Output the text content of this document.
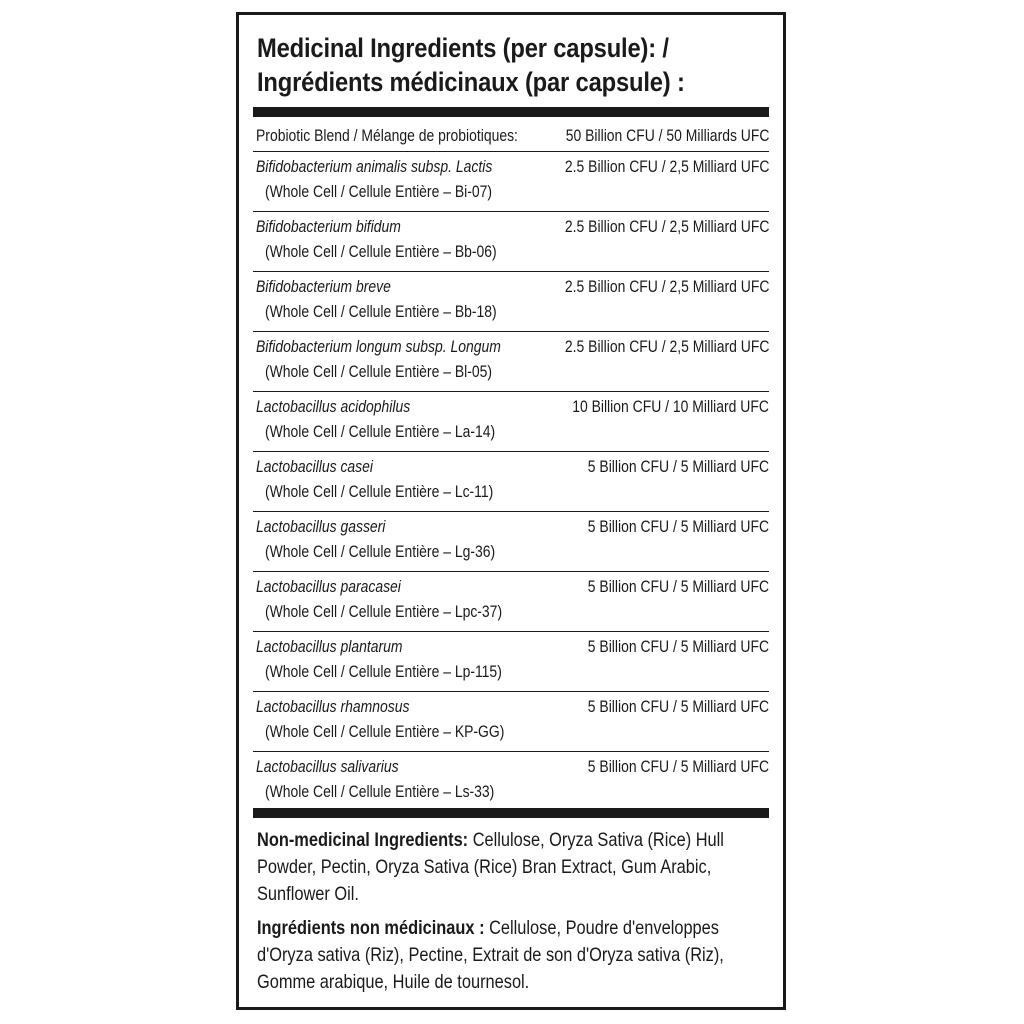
Medicinal Ingredients (per capsule): /
Ingrédients médicinaux (par capsule) :
Probiotic Blend / Mélange de probiotiques:	50 Billion CFU / 50 Milliards UFC
Bifidobacterium animalis subsp. Lactis
(Whole Cell / Cellule Entière – Bi-07)
2.5 Billion CFU / 2,5 Milliard UFC
Bifidobacterium bifidum
(Whole Cell / Cellule Entière – Bb-06)
2.5 Billion CFU / 2,5 Milliard UFC
Bifidobacterium breve
(Whole Cell / Cellule Entière – Bb-18)
2.5 Billion CFU / 2,5 Milliard UFC
Bifidobacterium longum subsp. Longum
(Whole Cell / Cellule Entière – Bl-05)
2.5 Billion CFU / 2,5 Milliard UFC
Lactobacillus acidophilus
(Whole Cell / Cellule Entière – La-14)
10 Billion CFU / 10 Milliard UFC
Lactobacillus casei
(Whole Cell / Cellule Entière – Lc-11)
5 Billion CFU / 5 Milliard UFC
Lactobacillus gasseri
(Whole Cell / Cellule Entière – Lg-36)
5 Billion CFU / 5 Milliard UFC
Lactobacillus paracasei
(Whole Cell / Cellule Entière – Lpc-37)
5 Billion CFU / 5 Milliard UFC
Lactobacillus plantarum
(Whole Cell / Cellule Entière – Lp-115)
5 Billion CFU / 5 Milliard UFC
Lactobacillus rhamnosus
(Whole Cell / Cellule Entière – KP-GG)
5 Billion CFU / 5 Milliard UFC
Lactobacillus salivarius
(Whole Cell / Cellule Entière – Ls-33)
5 Billion CFU / 5 Milliard UFC

Non-medicinal Ingredients: Cellulose, Oryza Sativa (Rice) Hull Powder, Pectin, Oryza Sativa (Rice) Bran Extract, Gum Arabic, Sunflower Oil.

Ingrédients non médicinaux : Cellulose, Poudre d'enveloppes d'Oryza sativa (Riz), Pectine, Extrait de son d'Oryza sativa (Riz), Gomme arabique, Huile de tournesol.
